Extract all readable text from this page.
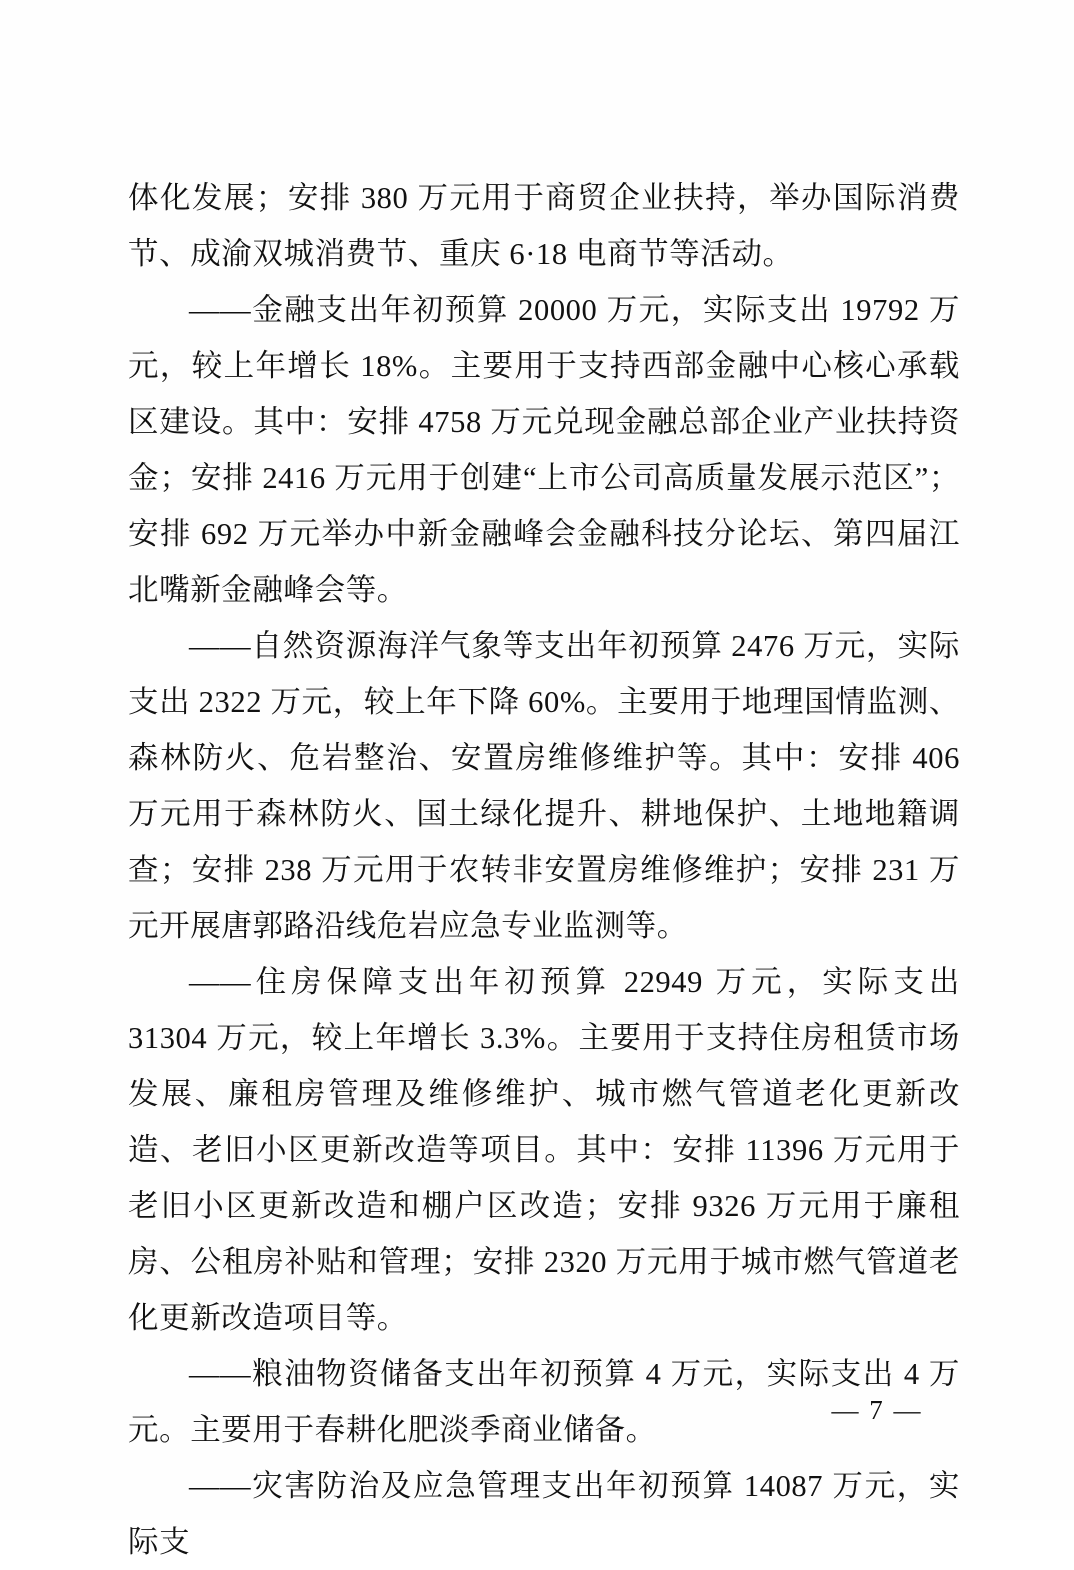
体化发展；安排 380 万元用于商贸企业扶持，举办国际消费节、成渝双城消费节、重庆 6·18 电商节等活动。

——金融支出年初预算 20000 万元，实际支出 19792 万元，较上年增长 18%。主要用于支持西部金融中心核心承载区建设。其中：安排 4758 万元兑现金融总部企业产业扶持资金；安排 2416 万元用于创建“上市公司高质量发展示范区”；安排 692 万元举办中新金融峰会金融科技分论坛、第四届江北嘴新金融峰会等。

——自然资源海洋气象等支出年初预算 2476 万元，实际支出 2322 万元，较上年下降 60%。主要用于地理国情监测、森林防火、危岩整治、安置房维修维护等。其中：安排 406 万元用于森林防火、国土绿化提升、耕地保护、土地地籍调查；安排 238 万元用于农转非安置房维修维护；安排 231 万元开展唐郭路沿线危岩应急专业监测等。

——住房保障支出年初预算 22949 万元，实际支出 31304 万元，较上年增长 3.3%。主要用于支持住房租赁市场发展、廉租房管理及维修维护、城市燃气管道老化更新改造、老旧小区更新改造等项目。其中：安排 11396 万元用于老旧小区更新改造和棚户区改造；安排 9326 万元用于廉租房、公租房补贴和管理；安排 2320 万元用于城市燃气管道老化更新改造项目等。

——粮油物资储备支出年初预算 4 万元，实际支出 4 万元。主要用于春耕化肥淡季商业储备。

——灾害防治及应急管理支出年初预算 14087 万元，实际支

— 7 —
